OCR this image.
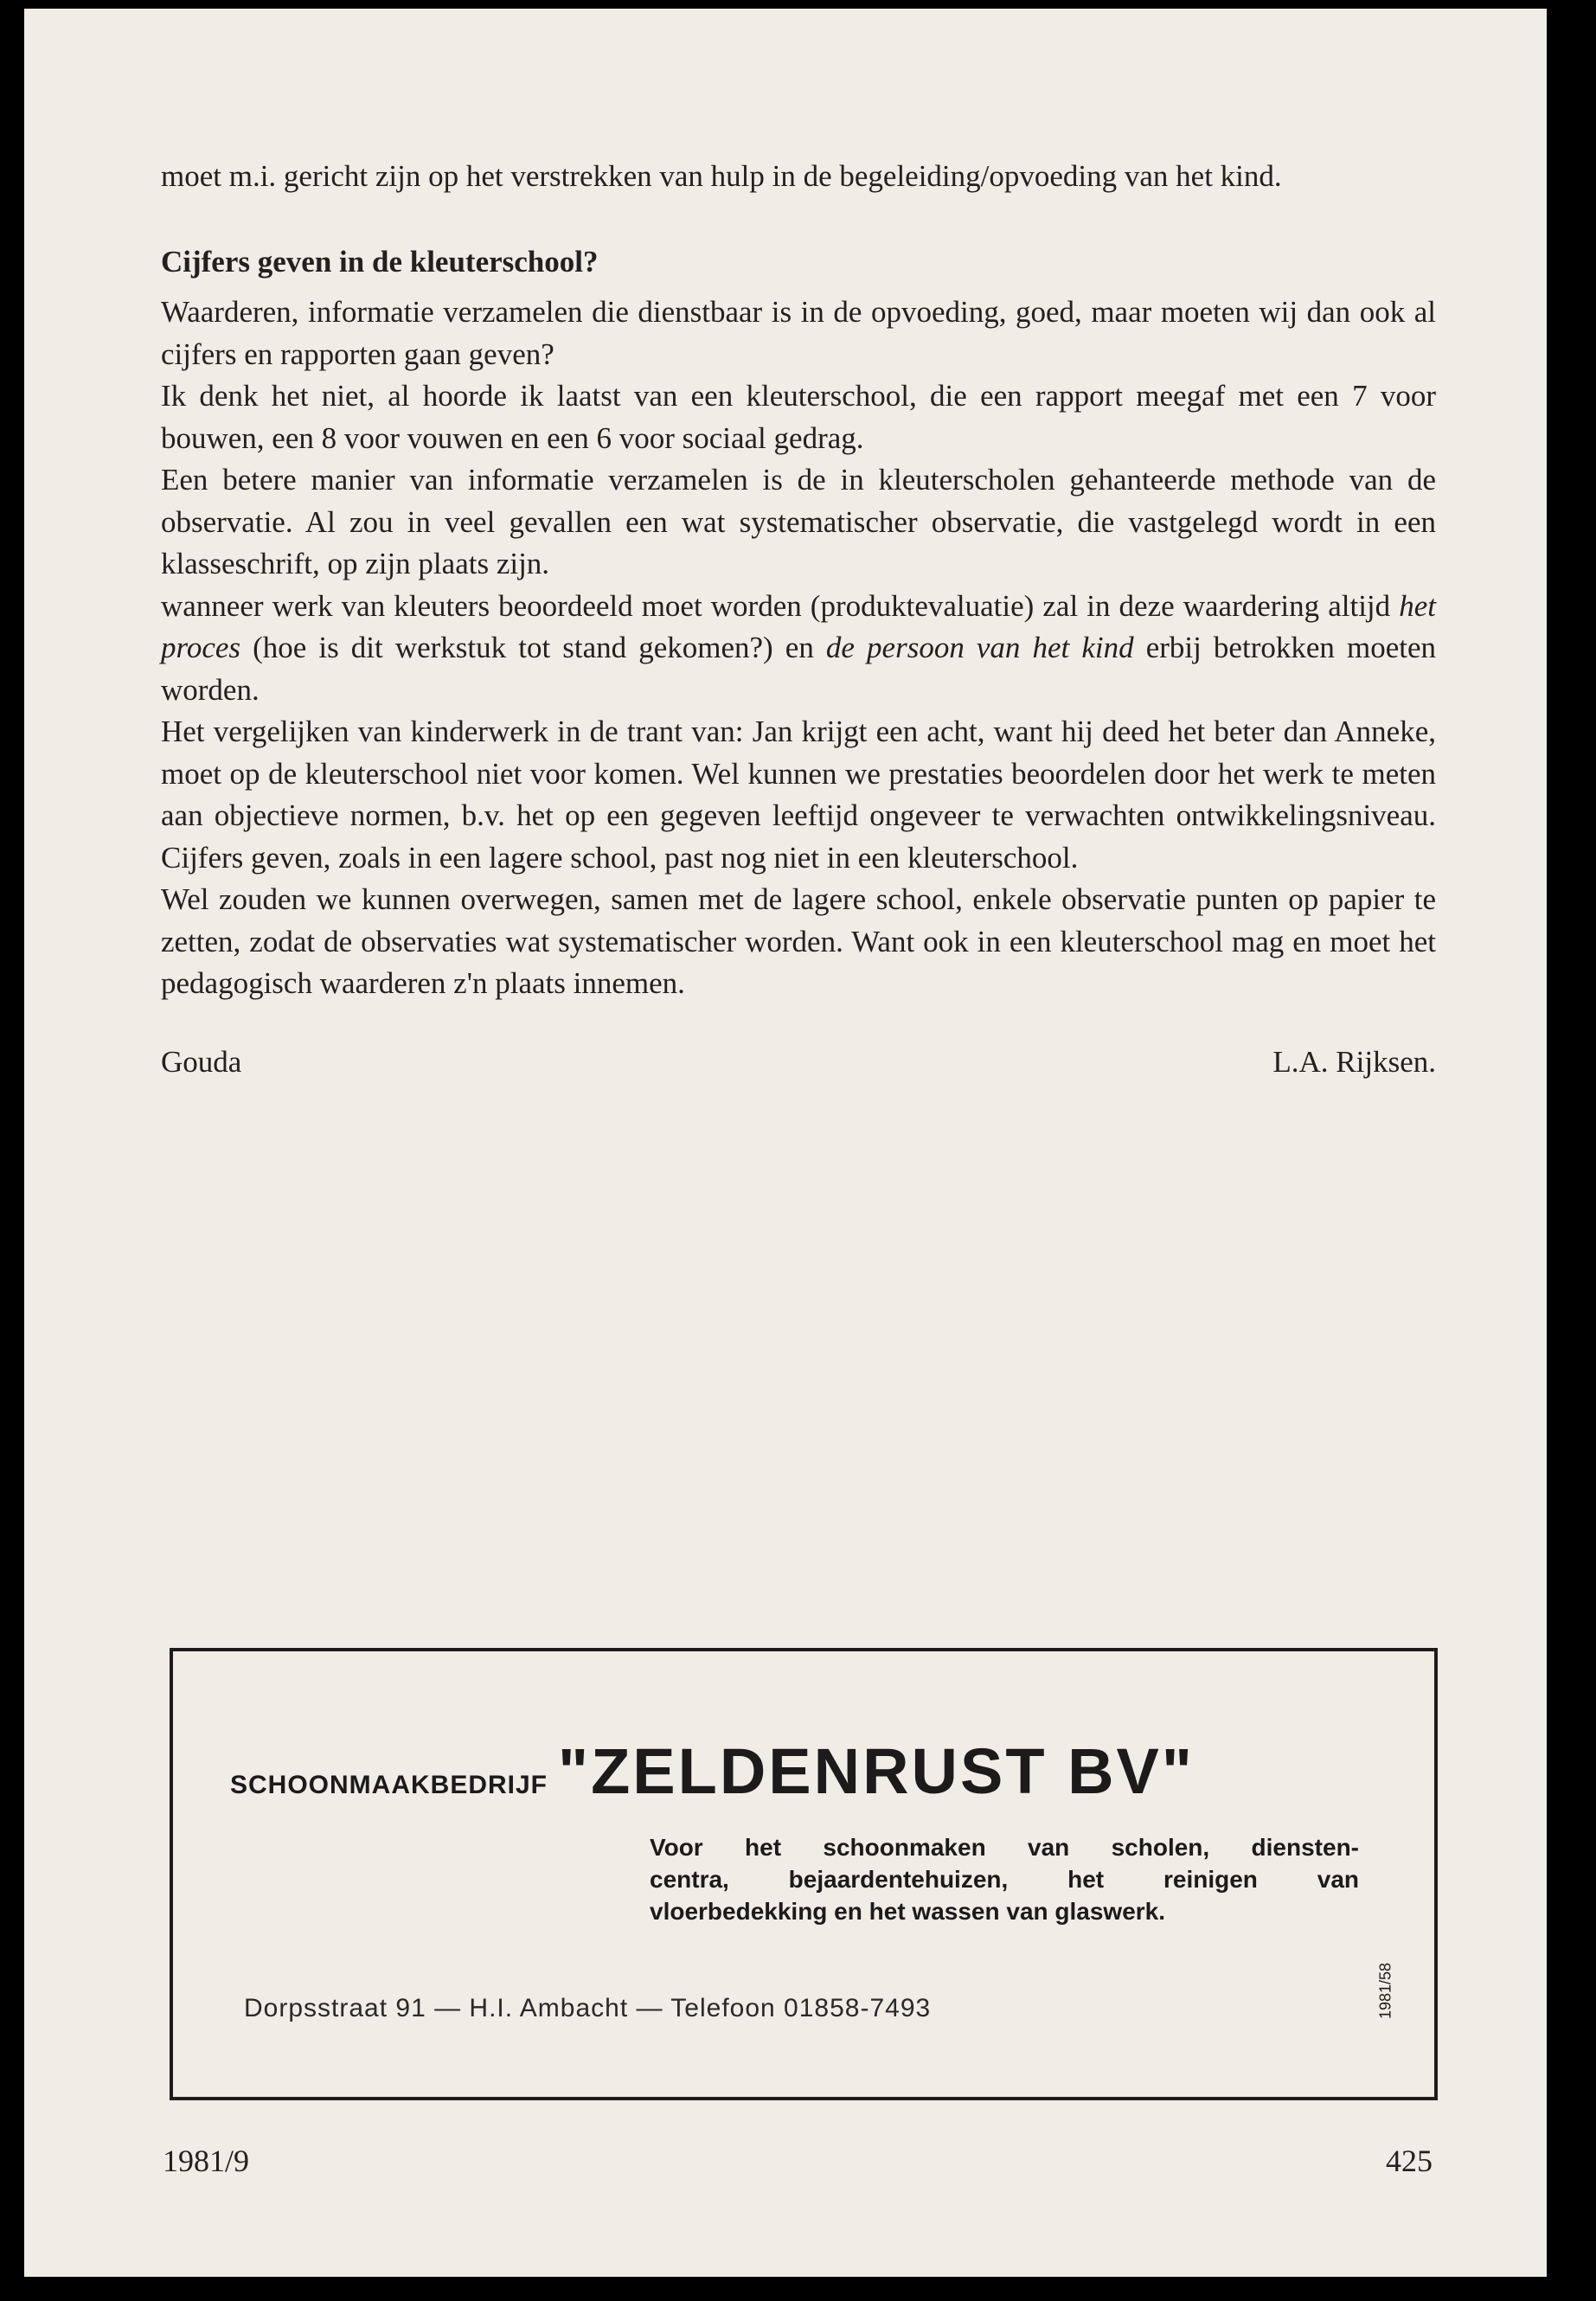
moet m.i. gericht zijn op het verstrekken van hulp in de begeleiding/opvoeding van het kind.

Cijfers geven in de kleuterschool?

Waarderen, informatie verzamelen die dienstbaar is in de opvoeding, goed, maar moeten wij dan ook al cijfers en rapporten gaan geven?

Ik denk het niet, al hoorde ik laatst van een kleuterschool, die een rapport meegaf met een 7 voor bouwen, een 8 voor vouwen en een 6 voor sociaal gedrag.

Een betere manier van informatie verzamelen is de in kleuterscholen gehanteerde methode van de observatie. Al zou in veel gevallen een wat systematischer observatie, die vastgelegd wordt in een klasseschrift, op zijn plaats zijn.

wanneer werk van kleuters beoordeeld moet worden (produktevaluatie) zal in deze waardering altijd het proces (hoe is dit werkstuk tot stand gekomen?) en de persoon van het kind erbij betrokken moeten worden.

Het vergelijken van kinderwerk in de trant van: Jan krijgt een acht, want hij deed het beter dan Anneke, moet op de kleuterschool niet voor komen. Wel kunnen we prestaties beoordelen door het werk te meten aan objectieve normen, b.v. het op een gegeven leeftijd ongeveer te verwachten ontwikkelingsniveau. Cijfers geven, zoals in een lagere school, past nog niet in een kleuterschool.

Wel zouden we kunnen overwegen, samen met de lagere school, enkele observatie punten op papier te zetten, zodat de observaties wat systematischer worden. Want ook in een kleuterschool mag en moet het pedagogisch waarderen z'n plaats innemen.

Gouda	L.A. Rijksen.
SCHOONMAAKBEDRIJF "ZELDENRUST BV"
Voor het schoonmaken van scholen, diensten-
centra, bejaardentehuizen, het reinigen van
vloerbedekking en het wassen van glaswerk.
Dorpsstraat 91 — H.I. Ambacht — Telefoon 01858-7493	1981/58
1981/9	425
